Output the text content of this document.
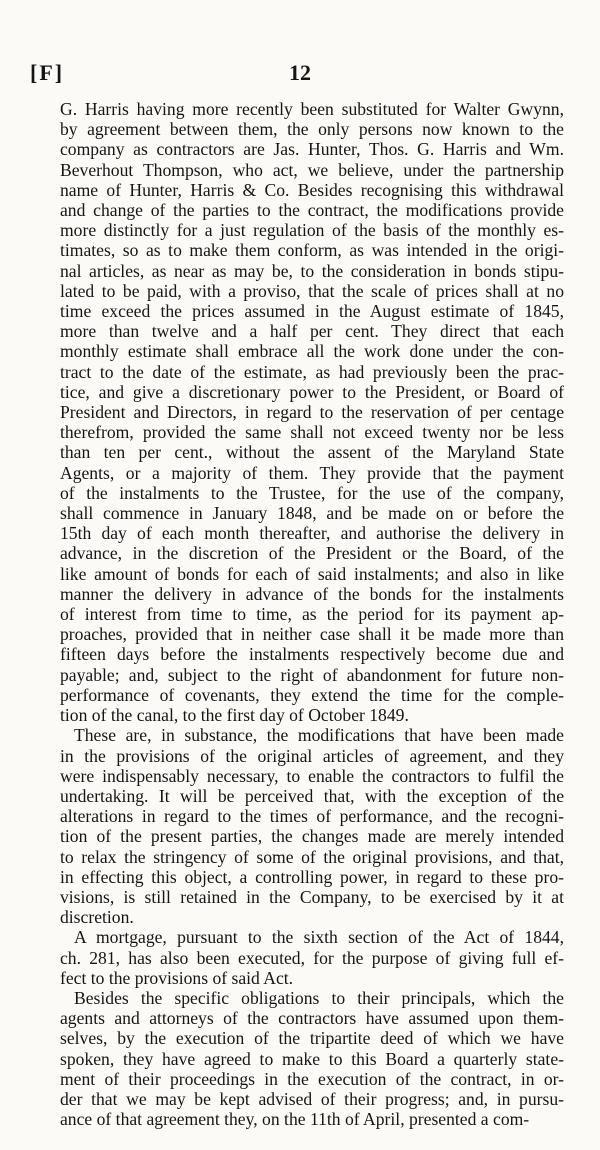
[F]	12
G. Harris having more recently been substituted for Walter Gwynn,
by agreement between them, the only persons now known to the
company as contractors are Jas. Hunter, Thos. G. Harris and Wm.
Beverhout Thompson, who act, we believe, under the partnership
name of Hunter, Harris & Co. Besides recognising this withdrawal
and change of the parties to the contract, the modifications provide
more distinctly for a just regulation of the basis of the monthly es-
timates, so as to make them conform, as was intended in the origi-
nal articles, as near as may be, to the consideration in bonds stipu-
lated to be paid, with a proviso, that the scale of prices shall at no
time exceed the prices assumed in the August estimate of 1845,
more than twelve and a half per cent. They direct that each
monthly estimate shall embrace all the work done under the con-
tract to the date of the estimate, as had previously been the prac-
tice, and give a discretionary power to the President, or Board of
President and Directors, in regard to the reservation of per centage
therefrom, provided the same shall not exceed twenty nor be less
than ten per cent., without the assent of the Maryland State
Agents, or a majority of them. They provide that the payment
of the instalments to the Trustee, for the use of the company,
shall commence in January 1848, and be made on or before the
15th day of each month thereafter, and authorise the delivery in
advance, in the discretion of the President or the Board, of the
like amount of bonds for each of said instalments; and also in like
manner the delivery in advance of the bonds for the instalments
of interest from time to time, as the period for its payment ap-
proaches, provided that in neither case shall it be made more than
fifteen days before the instalments respectively become due and
payable; and, subject to the right of abandonment for future non-
performance of covenants, they extend the time for the comple-
tion of the canal, to the first day of October 1849.
These are, in substance, the modifications that have been made
in the provisions of the original articles of agreement, and they
were indispensably necessary, to enable the contractors to fulfil the
undertaking. It will be perceived that, with the exception of the
alterations in regard to the times of performance, and the recogni-
tion of the present parties, the changes made are merely intended
to relax the stringency of some of the original provisions, and that,
in effecting this object, a controlling power, in regard to these pro-
visions, is still retained in the Company, to be exercised by it at
discretion.
A mortgage, pursuant to the sixth section of the Act of 1844,
ch. 281, has also been executed, for the purpose of giving full ef-
fect to the provisions of said Act.
Besides the specific obligations to their principals, which the
agents and attorneys of the contractors have assumed upon them-
selves, by the execution of the tripartite deed of which we have
spoken, they have agreed to make to this Board a quarterly state-
ment of their proceedings in the execution of the contract, in or-
der that we may be kept advised of their progress; and, in pursu-
ance of that agreement they, on the 11th of April, presented a com-
